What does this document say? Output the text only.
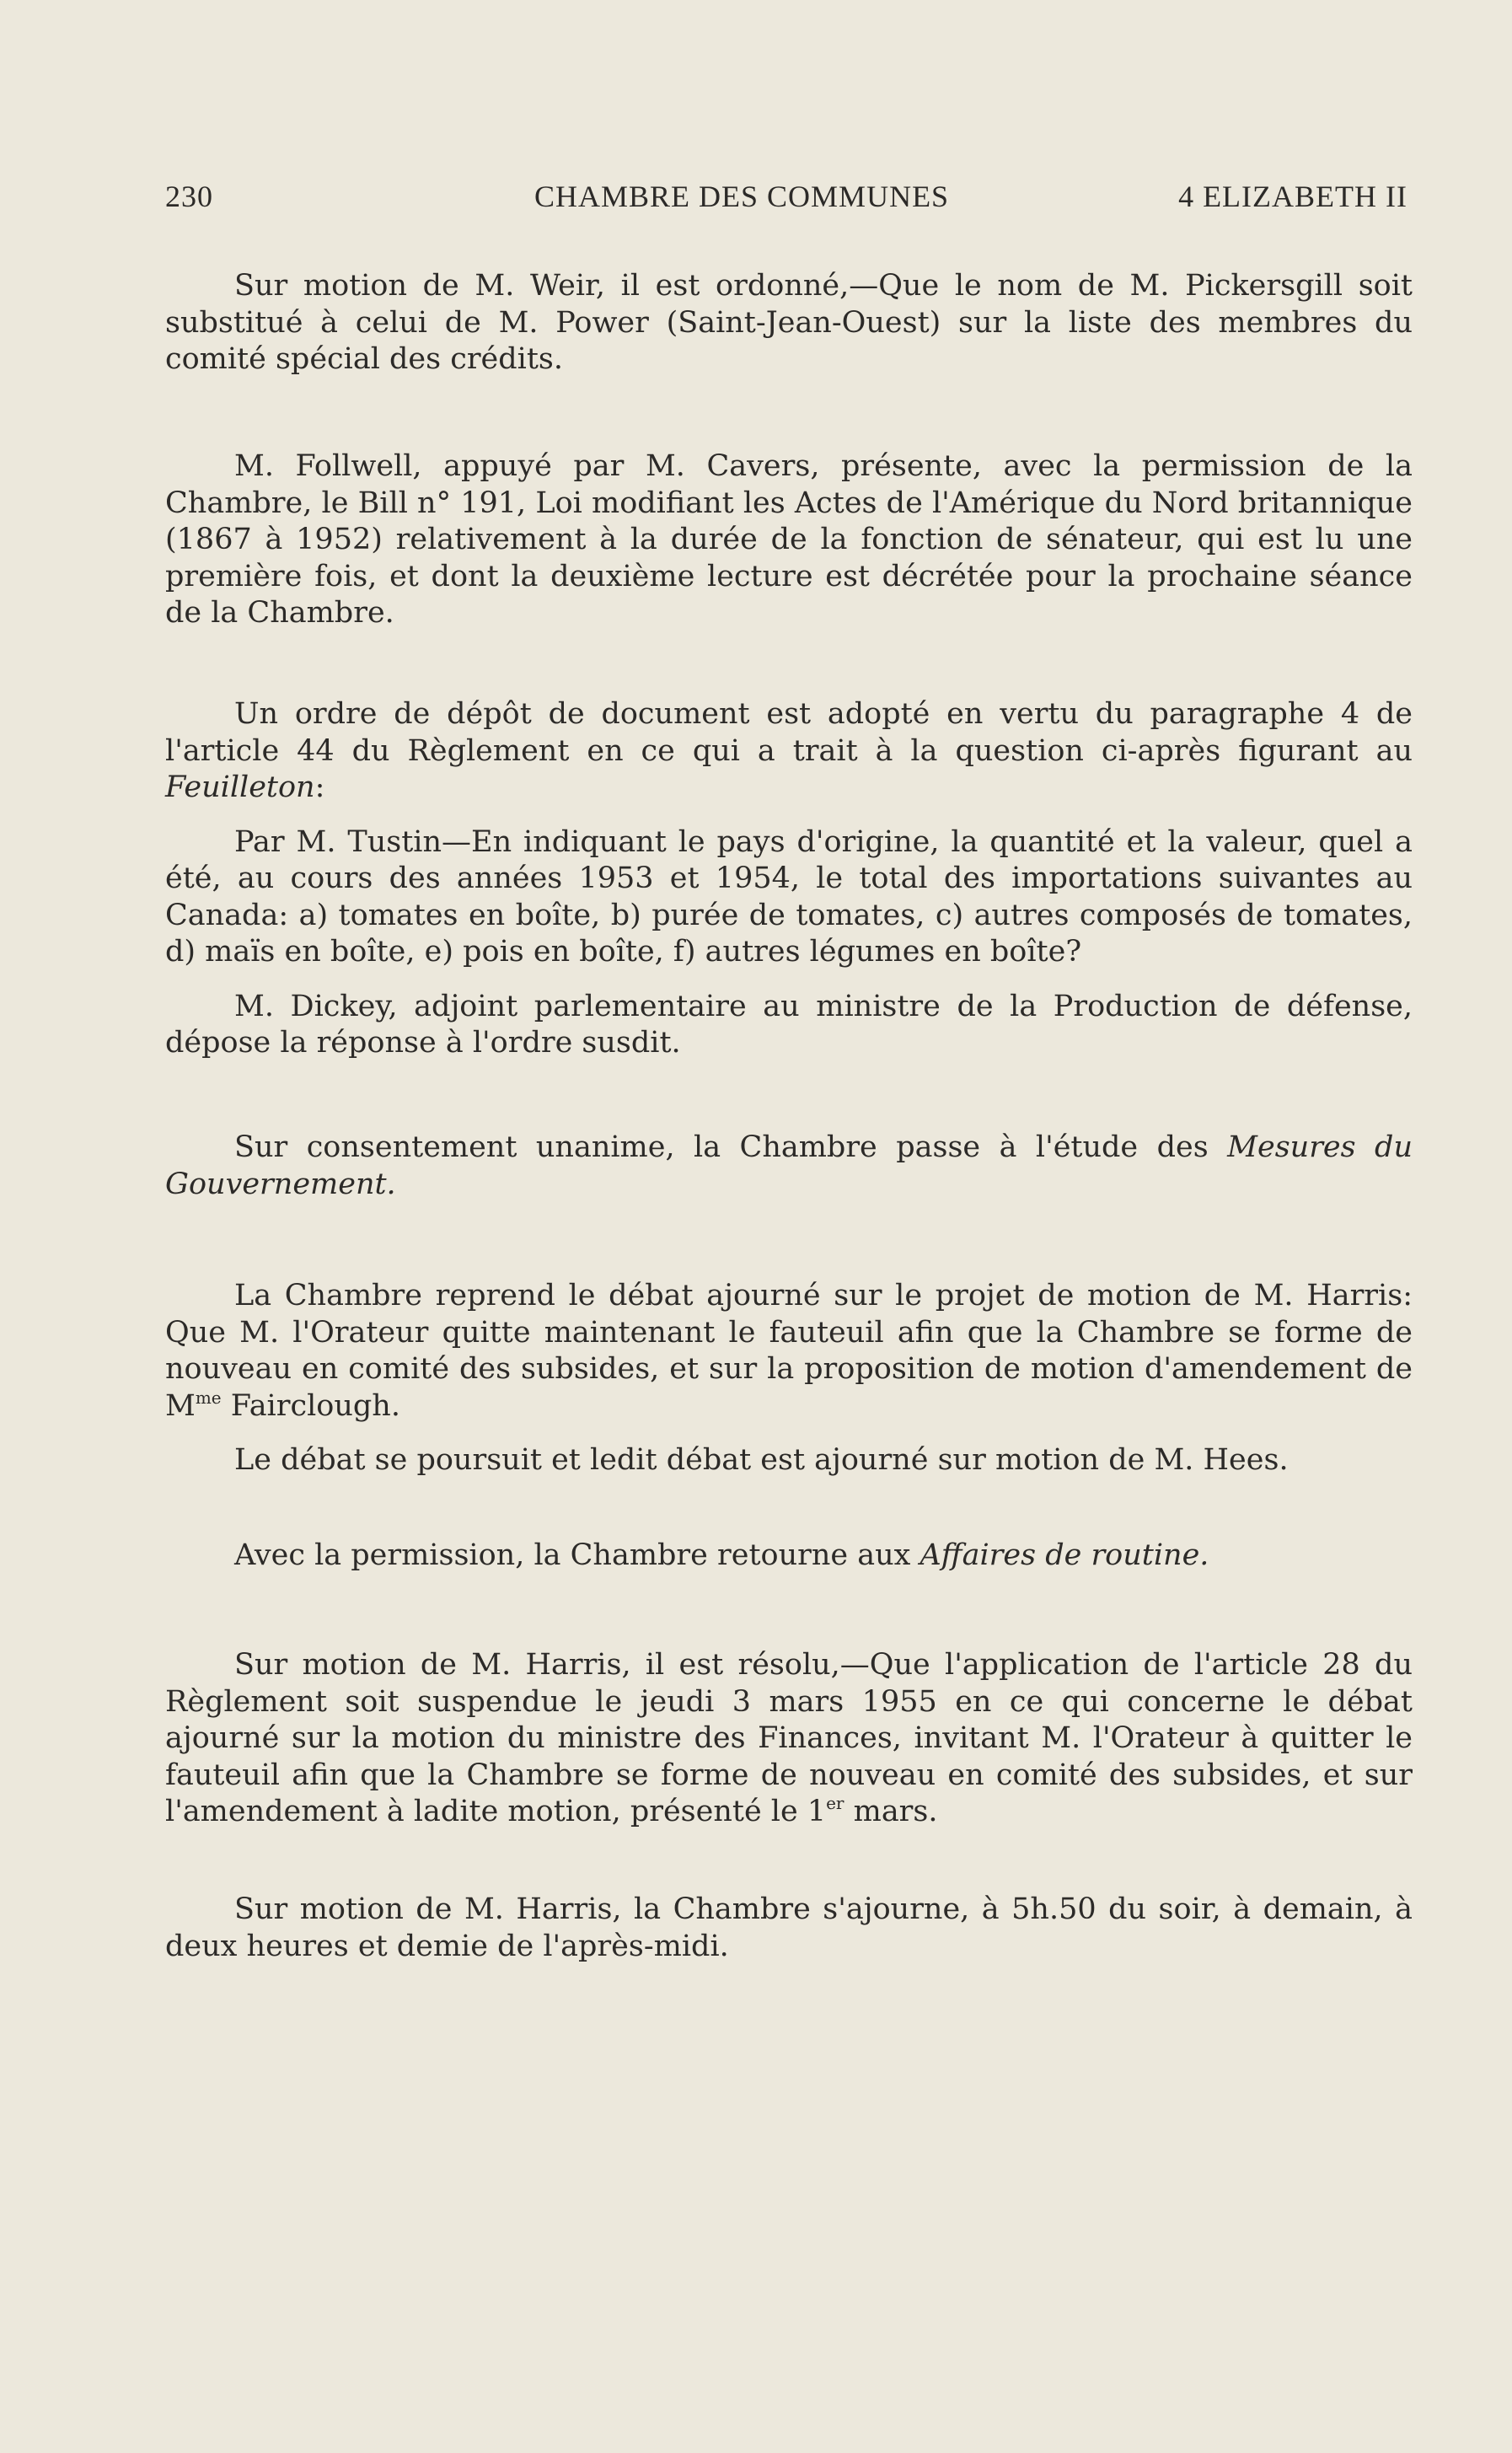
230	CHAMBRE DES COMMUNES	4 ELIZABETH II

Sur motion de M. Weir, il est ordonné,—Que le nom de M. Pickersgill soit substitué à celui de M. Power (Saint-Jean-Ouest) sur la liste des membres du comité spécial des crédits.

M. Follwell, appuyé par M. Cavers, présente, avec la permission de la Chambre, le Bill n° 191, Loi modifiant les Actes de l'Amérique du Nord britannique (1867 à 1952) relativement à la durée de la fonction de sénateur, qui est lu une première fois, et dont la deuxième lecture est décrétée pour la prochaine séance de la Chambre.

Un ordre de dépôt de document est adopté en vertu du paragraphe 4 de l'article 44 du Règlement en ce qui a trait à la question ci-après figurant au Feuilleton:

Par M. Tustin—En indiquant le pays d'origine, la quantité et la valeur, quel a été, au cours des années 1953 et 1954, le total des importations suivantes au Canada: a) tomates en boîte, b) purée de tomates, c) autres composés de tomates, d) maïs en boîte, e) pois en boîte, f) autres légumes en boîte?

M. Dickey, adjoint parlementaire au ministre de la Production de défense, dépose la réponse à l'ordre susdit.

Sur consentement unanime, la Chambre passe à l'étude des Mesures du Gouvernement.

La Chambre reprend le débat ajourné sur le projet de motion de M. Harris: Que M. l'Orateur quitte maintenant le fauteuil afin que la Chambre se forme de nouveau en comité des subsides, et sur la proposition de motion d'amendement de $M^{me}$ Fairclough.

Le débat se poursuit et ledit débat est ajourné sur motion de M. Hees.

Avec la permission, la Chambre retourne aux Affaires de routine.

Sur motion de M. Harris, il est résolu,—Que l'application de l'article 28 du Règlement soit suspendue le jeudi 3 mars 1955 en ce qui concerne le débat ajourné sur la motion du ministre des Finances, invitant M. l'Orateur à quitter le fauteuil afin que la Chambre se forme de nouveau en comité des subsides, et sur l'amendement à ladite motion, présenté le 1er mars.

Sur motion de M. Harris, la Chambre s'ajourne, à 5h.50 du soir, à demain, à deux heures et demie de l'après-midi.
